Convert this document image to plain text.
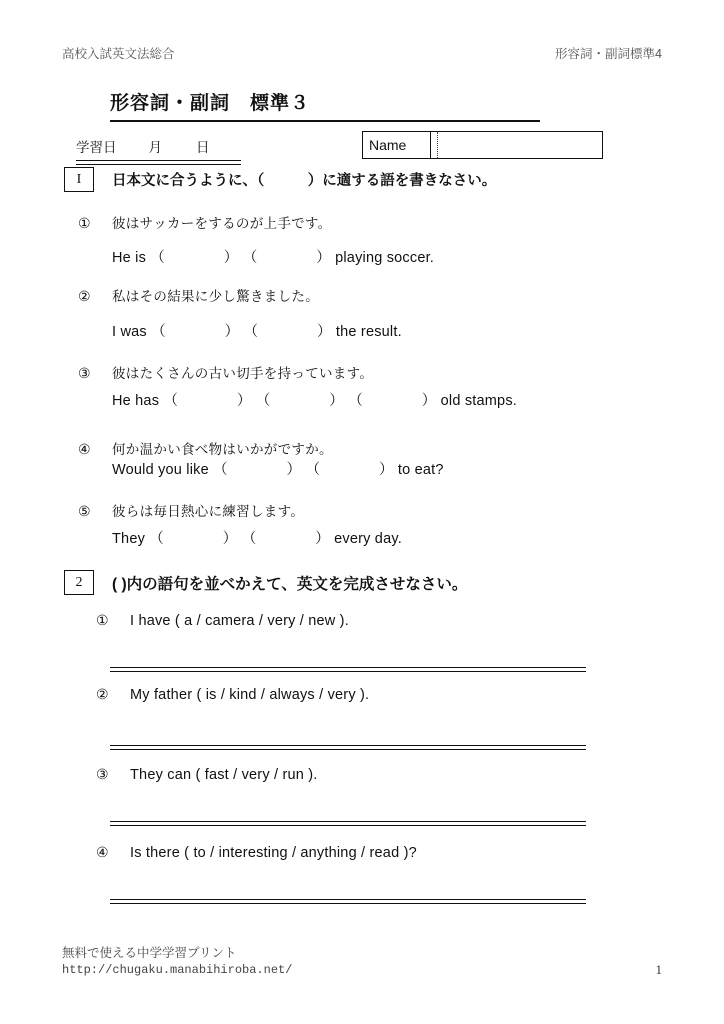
高校入試英文法総合	形容詞・副詞標準4
形容詞・副詞　標準３
学習日 月	日	Name
I	日本文に合うように、（　　　）に適する語を書きなさい。
①	彼はサッカーをするのが上手です。
He is （　　　　） （　　　　） playing soccer.
②	私はその結果に少し驚きました。
I was （　　　　） （　　　　） the result.
③	彼はたくさんの古い切手を持っています。
He has （　　　　） （　　　　） （　　　　） old stamps.
④	何か温かい食べ物はいかがですか。
Would you like （　　　　） （　　　　） to eat?
⑤	彼らは毎日熱心に練習します。
They （　　　　） （　　　　） every day.
2	( )内の語句を並べかえて、英文を完成させなさい。
①	I have ( a / camera / very / new ).
②	My father ( is / kind / always / very ).
③	They can ( fast / very / run ).
④	Is there ( to / interesting / anything / read )?
無料で使える中学学習プリント
http://chugaku.manabihiroba.net/	1
